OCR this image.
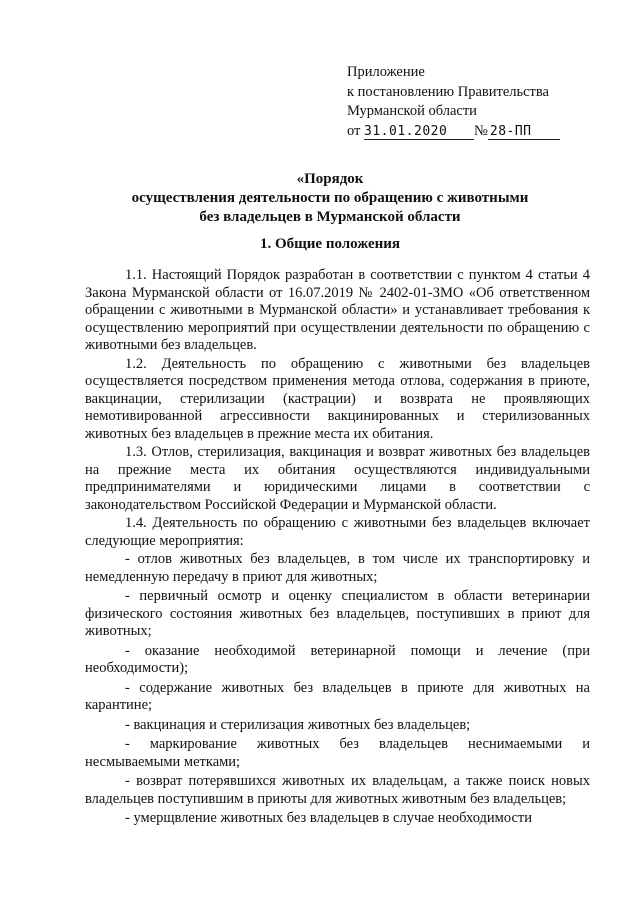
Приложение
к постановлению Правительства
Мурманской области
от 31.01.2020 № 28-ПП
«Порядок
осуществления деятельности по обращению с животными
без владельцев в Мурманской области
1. Общие положения

1.1. Настоящий Порядок разработан в соответствии с пунктом 4 статьи 4 Закона Мурманской области от 16.07.2019 № 2402-01-ЗМО «Об ответственном обращении с животными в Мурманской области» и устанавливает требования к осуществлению мероприятий при осуществлении деятельности по обращению с животными без владельцев.

1.2. Деятельность по обращению с животными без владельцев осуществляется посредством применения метода отлова, содержания в приюте, вакцинации, стерилизации (кастрации) и возврата не проявляющих немотивированной агрессивности вакцинированных и стерилизованных животных без владельцев в прежние места их обитания.

1.3. Отлов, стерилизация, вакцинация и возврат животных без владельцев на прежние места их обитания осуществляются индивидуальными предпринимателями и юридическими лицами в соответствии с законодательством Российской Федерации и Мурманской области.

1.4. Деятельность по обращению с животными без владельцев включает следующие мероприятия:

- отлов животных без владельцев, в том числе их транспортировку и немедленную передачу в приют для животных;

- первичный осмотр и оценку специалистом в области ветеринарии физического состояния животных без владельцев, поступивших в приют для животных;

- оказание необходимой ветеринарной помощи и лечение (при необходимости);

- содержание животных без владельцев в приюте для животных на карантине;

- вакцинация и стерилизация животных без владельцев;

- маркирование животных без владельцев неснимаемыми и несмываемыми метками;

- возврат потерявшихся животных их владельцам, а также поиск новых владельцев поступившим в приюты для животных животным без владельцев;

- умерщвление животных без владельцев в случае необходимости
